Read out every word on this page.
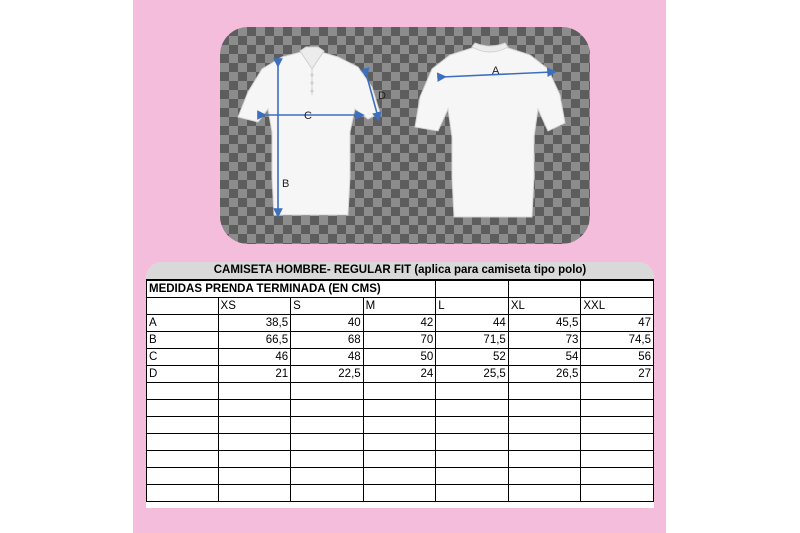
A
B
C
D
CAMISETA HOMBRE- REGULAR FIT (aplica para camiseta tipo polo)
MEDIDAS PRENDA TERMINADA (EN CMS)						
	XS	S	M	L	XL	XXL
A	38,5	40	42	44	45,5	47
B	66,5	68	70	71,5	73	74,5
C	46	48	50	52	54	56
D	21	22,5	24	25,5	26,5	27
